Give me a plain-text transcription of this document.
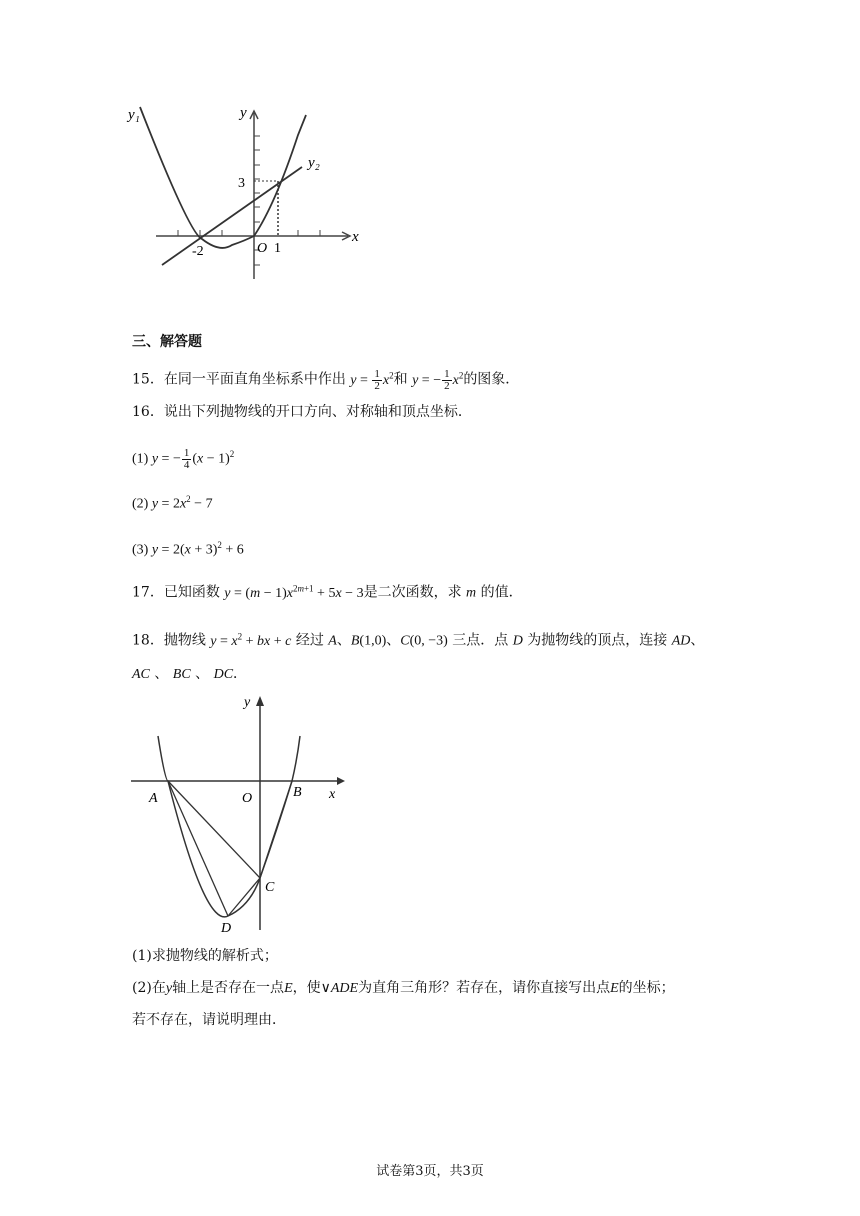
y₁	y
y₂
x
3
-2	O 1
三、解答题
15．在同一平面直角坐标系中作出 $y = \frac{1}{2} x^2$和 y = − $\frac{1}{2} x^2$的图象．
16．说出下列抛物线的开口方向、对称轴和顶点坐标．
(1) y = − $\frac{1}{4} (x - 1)^2$
(2) $y = 2x^2 - 7$
(3) $y = 2(x + 3)^2 + 6$
17．已知函数 $y = (m - 1)x^{2m+1} + 5x - 3$是二次函数，求 m 的值．
18．抛物线 $y = x^2$ + bx + c 经过 A、B(1,0)、C(0, −3) 三点．点 D 为抛物线的顶点，连接 AD、
AC 、 BC 、 DC．
y
x
A	O	B
C
D
(1)求抛物线的解析式；
(2)在y轴上是否存在一点E，使∨ADE为直角三角形？若存在，请你直接写出点E的坐标；
若不存在，请说明理由．
试卷第3页，共3页
